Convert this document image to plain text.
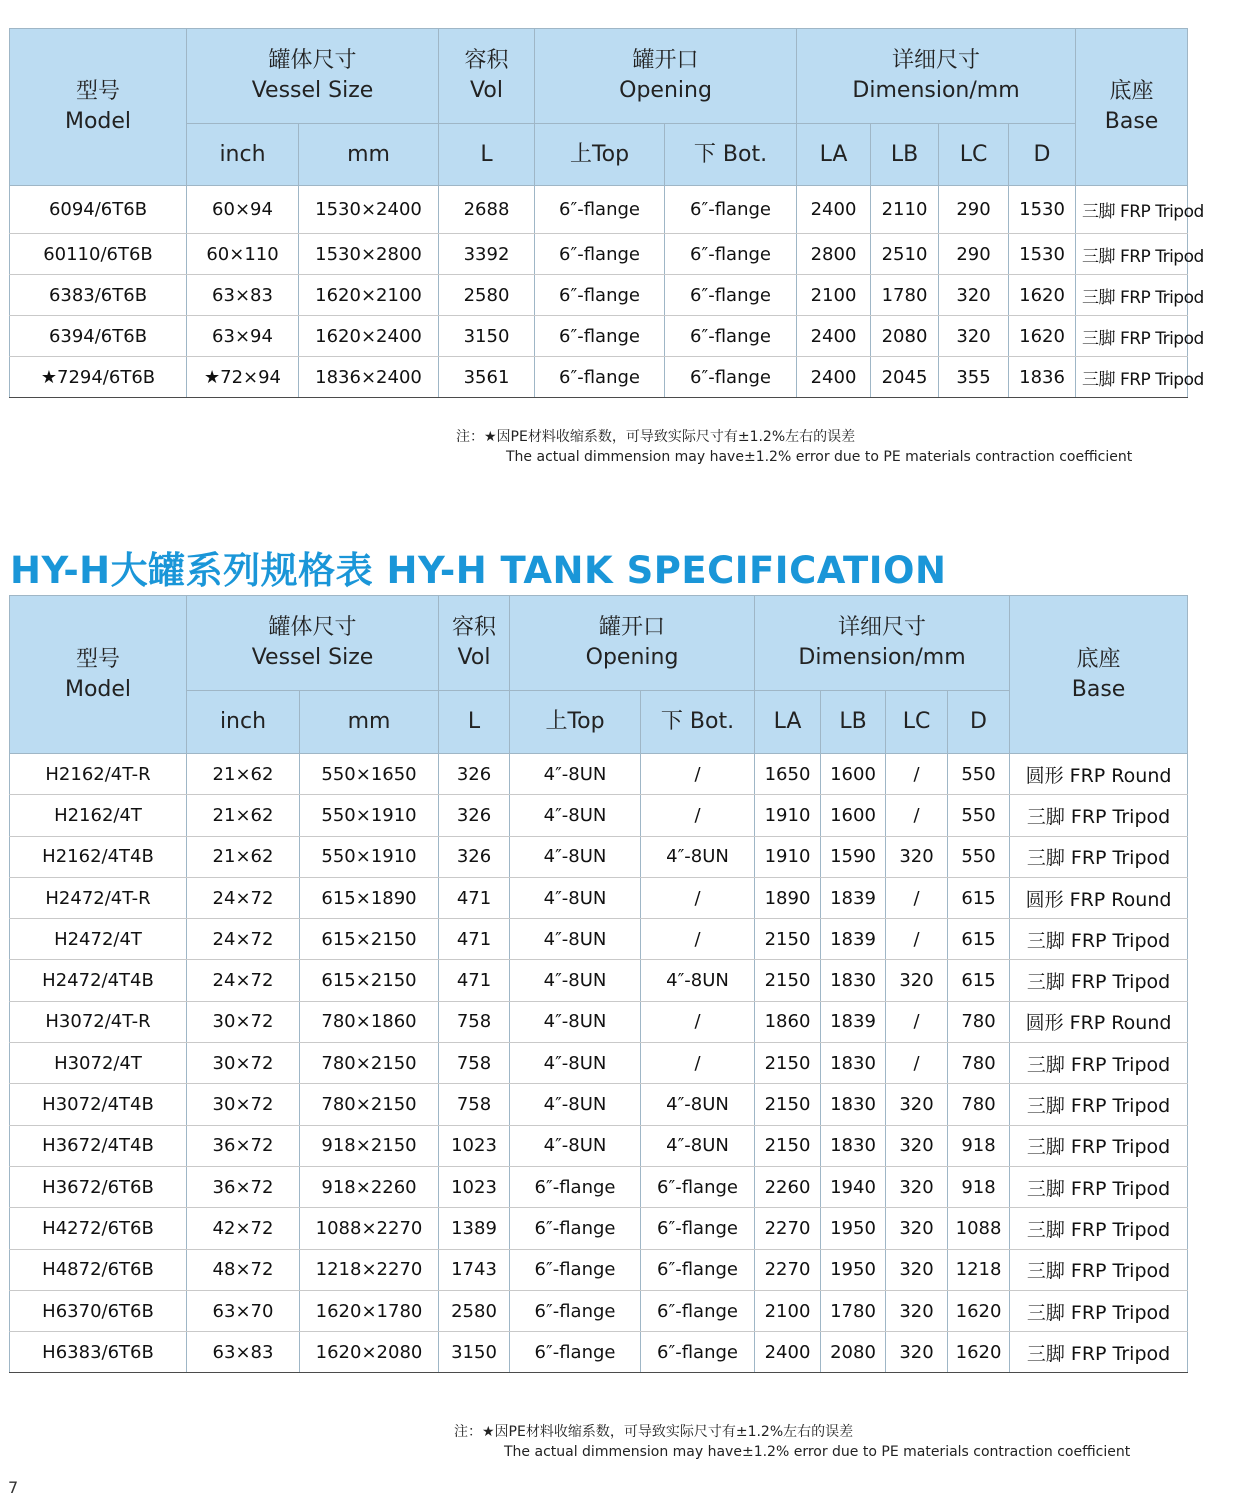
型号
Model	罐体尺寸
Vessel Size		容积
Vol	罐开口
Opening		详细尺寸
Dimension/mm				底座
Base

	inch	mm	L	上Top	下 Bot.	LA	LB	LC	D	
6094/6T6B	60×94	1530×2400	2688	6″-flange	6″-flange	2400	2110	290	1530	三脚 FRP Tripod
60110/6T6B	60×110	1530×2800	3392	6″-flange	6″-flange	2800	2510	290	1530	三脚 FRP Tripod
6383/6T6B	63×83	1620×2100	2580	6″-flange	6″-flange	2100	1780	320	1620	三脚 FRP Tripod
6394/6T6B	63×94	1620×2400	3150	6″-flange	6″-flange	2400	2080	320	1620	三脚 FRP Tripod
★7294/6T6B	★72×94	1836×2400	3561	6″-flange	6″-flange	2400	2045	355	1836	三脚 FRP Tripod
注：★因PE材料收缩系数，可导致实际尺寸有±1.2%左右的误差
The actual dimmension may have±1.2% error due to PE materials contraction coefficient
HY-H大罐系列规格表 HY-H TANK SPECIFICATION
型号
Model	罐体尺寸
Vessel Size		容积
Vol	罐开口
Opening		详细尺寸
Dimension/mm				底座
Base

	inch	mm	L	上Top	下 Bot.	LA	LB	LC	D	
H2162/4T-R	21×62	550×1650	326	4″-8UN	/	1650	1600	/	550	圆形 FRP Round
H2162/4T	21×62	550×1910	326	4″-8UN	/	1910	1600	/	550	三脚 FRP Tripod
H2162/4T4B	21×62	550×1910	326	4″-8UN	4″-8UN	1910	1590	320	550	三脚 FRP Tripod
H2472/4T-R	24×72	615×1890	471	4″-8UN	/	1890	1839	/	615	圆形 FRP Round
H2472/4T	24×72	615×2150	471	4″-8UN	/	2150	1839	/	615	三脚 FRP Tripod
H2472/4T4B	24×72	615×2150	471	4″-8UN	4″-8UN	2150	1830	320	615	三脚 FRP Tripod
H3072/4T-R	30×72	780×1860	758	4″-8UN	/	1860	1839	/	780	圆形 FRP Round
H3072/4T	30×72	780×2150	758	4″-8UN	/	2150	1830	/	780	三脚 FRP Tripod
H3072/4T4B	30×72	780×2150	758	4″-8UN	4″-8UN	2150	1830	320	780	三脚 FRP Tripod
H3672/4T4B	36×72	918×2150	1023	4″-8UN	4″-8UN	2150	1830	320	918	三脚 FRP Tripod
H3672/6T6B	36×72	918×2260	1023	6″-flange	6″-flange	2260	1940	320	918	三脚 FRP Tripod
H4272/6T6B	42×72	1088×2270	1389	6″-flange	6″-flange	2270	1950	320	1088	三脚 FRP Tripod
H4872/6T6B	48×72	1218×2270	1743	6″-flange	6″-flange	2270	1950	320	1218	三脚 FRP Tripod
H6370/6T6B	63×70	1620×1780	2580	6″-flange	6″-flange	2100	1780	320	1620	三脚 FRP Tripod
H6383/6T6B	63×83	1620×2080	3150	6″-flange	6″-flange	2400	2080	320	1620	三脚 FRP Tripod
注：★因PE材料收缩系数，可导致实际尺寸有±1.2%左右的误差
The actual dimmension may have±1.2% error due to PE materials contraction coefficient
7
